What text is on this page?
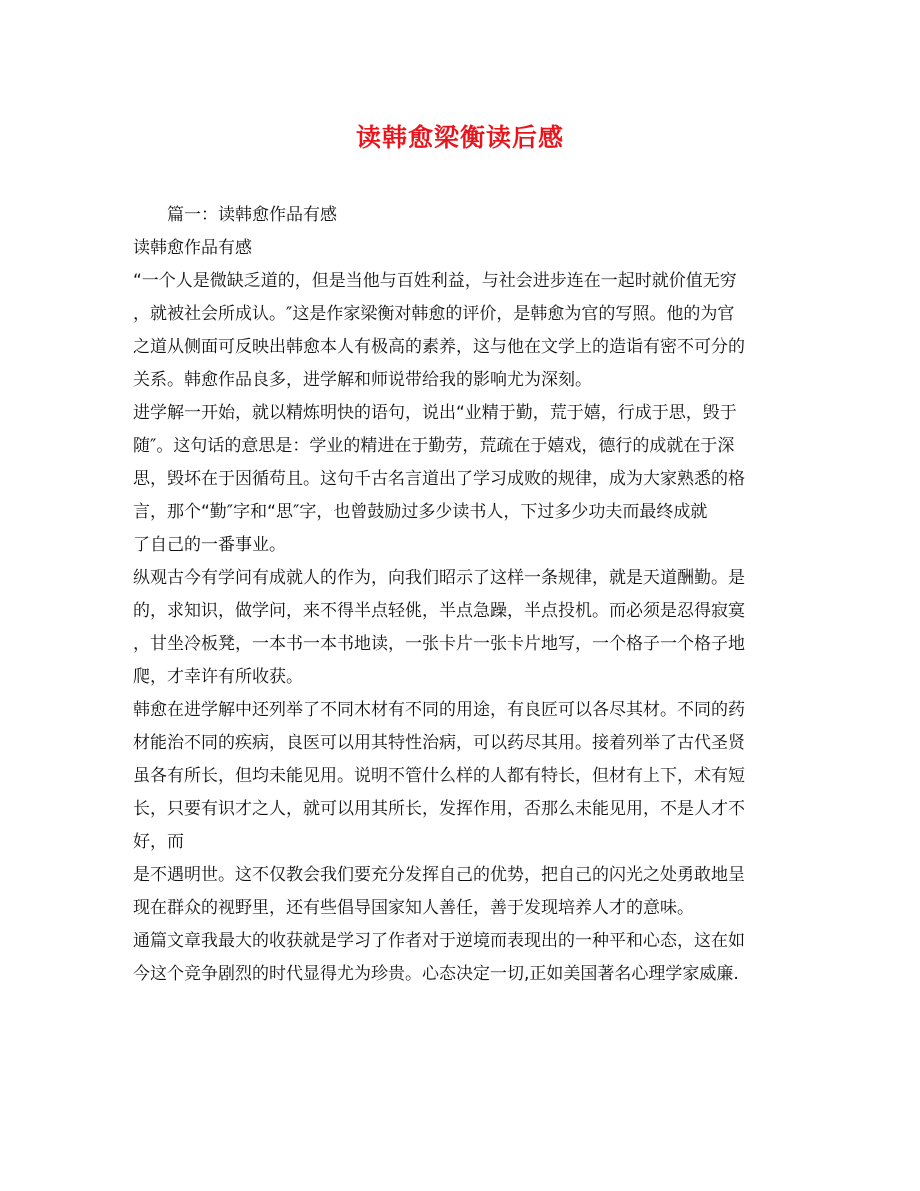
读韩愈梁衡读后感
　　篇一：读韩愈作品有感
读韩愈作品有感
“一个人是微缺乏道的，但是当他与百姓利益，与社会进步连在一起时就价值无穷
，就被社会所成认。″这是作家梁衡对韩愈的评价，是韩愈为官的写照。他的为官
之道从侧面可反映出韩愈本人有极高的素养，这与他在文学上的造诣有密不可分的
关系。韩愈作品良多，进学解和师说带给我的影响尤为深刻。
进学解一开始，就以精炼明快的语句，说出“业精于勤，荒于嬉，行成于思，毁于
随″。这句话的意思是：学业的精进在于勤劳，荒疏在于嬉戏，德行的成就在于深
思，毁坏在于因循苟且。这句千古名言道出了学习成败的规律，成为大家熟悉的格
言，那个“勤″字和“思″字，也曾鼓励过多少读书人，下过多少功夫而最终成就
了自己的一番事业。
纵观古今有学问有成就人的作为，向我们昭示了这样一条规律，就是天道酬勤。是
的，求知识，做学问，来不得半点轻佻，半点急躁，半点投机。而必须是忍得寂寞
，甘坐冷板凳，一本书一本书地读，一张卡片一张卡片地写，一个格子一个格子地
爬，才幸许有所收获。
韩愈在进学解中还列举了不同木材有不同的用途，有良匠可以各尽其材。不同的药
材能治不同的疾病，良医可以用其特性治病，可以药尽其用。接着列举了古代圣贤
虽各有所长，但均未能见用。说明不管什么样的人都有特长，但材有上下，术有短
长，只要有识才之人，就可以用其所长，发挥作用，否那么未能见用，不是人才不
好，而
是不遇明世。这不仅教会我们要充分发挥自己的优势，把自己的闪光之处勇敢地呈
现在群众的视野里，还有些倡导国家知人善任，善于发现培养人才的意味。
通篇文章我最大的收获就是学习了作者对于逆境而表现出的一种平和心态，这在如
今这个竞争剧烈的时代显得尤为珍贵。心态决定一切,正如美国著名心理学家威廉.
